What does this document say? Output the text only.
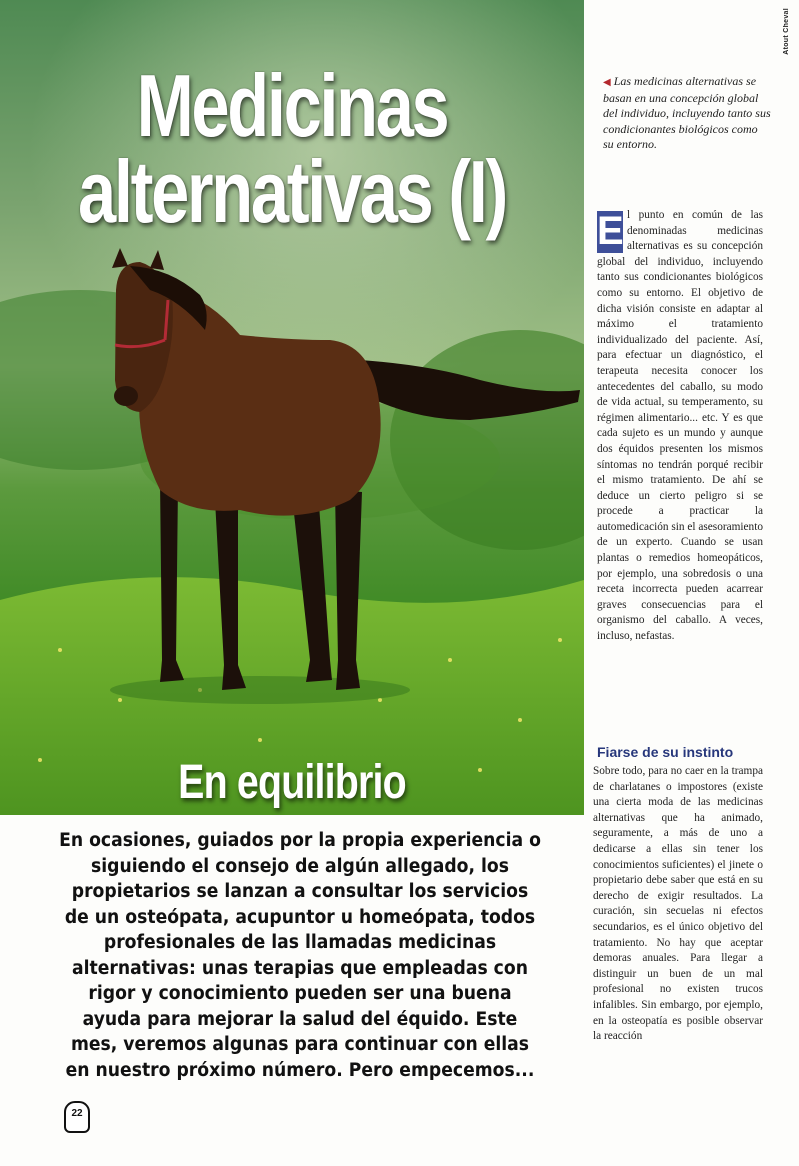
Medicinas
alternativas (I)
En equilibrio
En ocasiones, guiados por la propia experiencia o siguiendo el consejo de algún allegado, los propietarios se lanzan a consultar los servicios de un osteópata, acupuntor u homeópata, todos profesionales de las llamadas medicinas alternativas: unas terapias que empleadas con rigor y conocimiento pueden ser una buena ayuda para mejorar la salud del équido. Este mes, veremos algunas para continuar con ellas en nuestro próximo número. Pero empecemos...
Atout Cheval
◀ Las medicinas alternativas se basan en una concepción global del individuo, incluyendo tanto sus condicionantes biológicos como su entorno.
E l punto en común de las denominadas medicinas alternativas es su concepción global del individuo, incluyendo tanto sus condicionantes biológicos como su entorno. El objetivo de dicha visión consiste en adaptar al máximo el tratamiento individualizado del paciente. Así, para efectuar un diagnóstico, el terapeuta necesita conocer los antecedentes del caballo, su modo de vida actual, su temperamento, su régimen alimentario... etc. Y es que cada sujeto es un mundo y aunque dos équidos presenten los mismos síntomas no tendrán porqué recibir el mismo tratamiento. De ahí se deduce un cierto peligro si se procede a practicar la automedicación sin el asesoramiento de un experto. Cuando se usan plantas o remedios homeopáticos, por ejemplo, una sobredosis o una receta incorrecta pueden acarrear graves consecuencias para el organismo del caballo. A veces, incluso, nefastas.
Fiarse de su instinto
Sobre todo, para no caer en la trampa de charlatanes o impostores (existe una cierta moda de las medicinas alternativas que ha animado, seguramente, a más de uno a dedicarse a ellas sin tener los conocimientos suficientes) el jinete o propietario debe saber que está en su derecho de exigir resultados. La curación, sin secuelas ni efectos secundarios, es el único objetivo del tratamiento. No hay que aceptar demoras anuales. Para llegar a distinguir un buen de un mal profesional no existen trucos infalibles. Sin embargo, por ejemplo, en la osteopatía es posible observar la reacción
22
